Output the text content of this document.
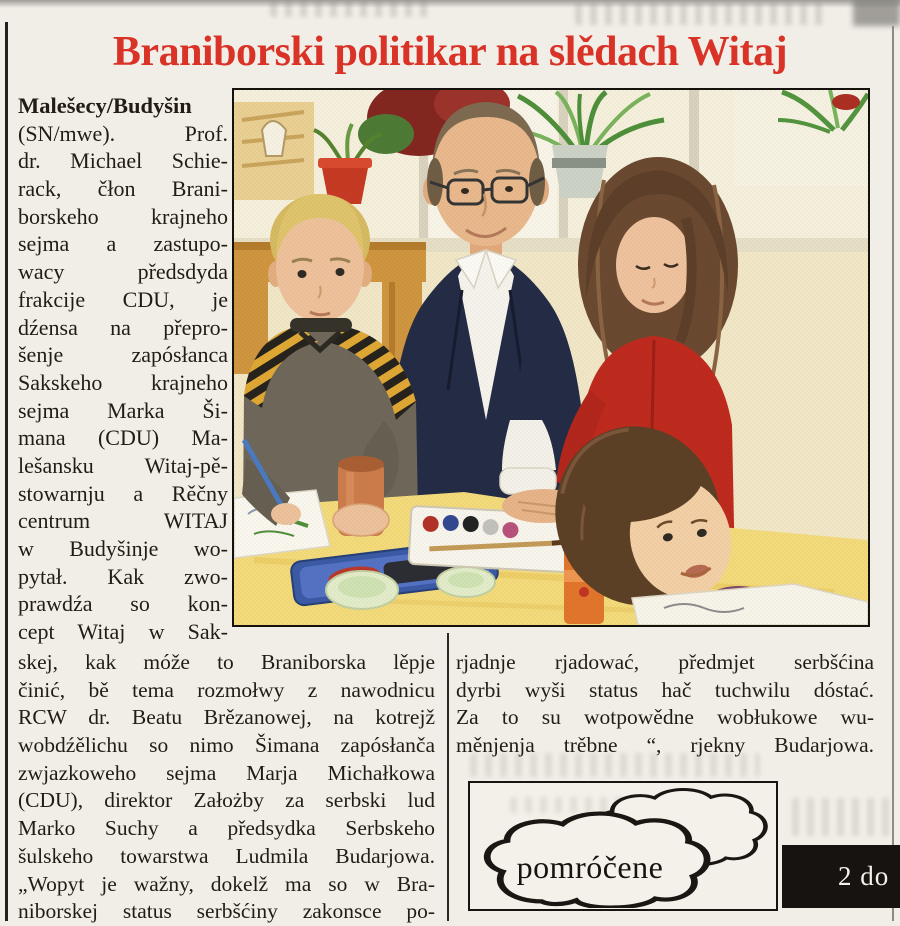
Braniborski politikar na slědach Witaj
Malešecy/Budyšin
(SN/mwe). Prof.
dr. Michael Schie-
rack, čłon Brani-
borskeho krajneho
sejma a zastupo-
wacy předsdyda
frakcije CDU, je
dźensa na přepro-
šenje zapósłanca
Sakskeho krajneho
sejma Marka Ši-
mana (CDU) Ma-
lešansku Witaj-pě-
stowarnju a Rěčny
centrum WITAJ
w Budyšinje wo-
pytał. Kak zwo-
prawdźa so kon-
cept Witaj w Sak-
skej, kak móže to Braniborska lěpje
činić, bě tema rozmołwy z nawodnicu
RCW dr. Beatu Brězanowej, na kotrejž
wobdźělichu so nimo Šimana zapósłanča
zwjazkoweho sejma Marja Michałkowa
(CDU), direktor Założby za serbski lud
Marko Suchy a předsydka Serbskeho
šulskeho towarstwa Ludmila Budarjowa.
„Wopyt je wažny, dokelž ma so w Bra-
niborskej status serbšćiny zakonsce po-
rjadnje rjadować, předmjet serbšćina
dyrbi wyši status hač tuchwilu dóstać.
Za to su wotpowědne wobłukowe wu-
měnjenja trěbne “, rjekny Budarjowa.
pomróčene	2 do
